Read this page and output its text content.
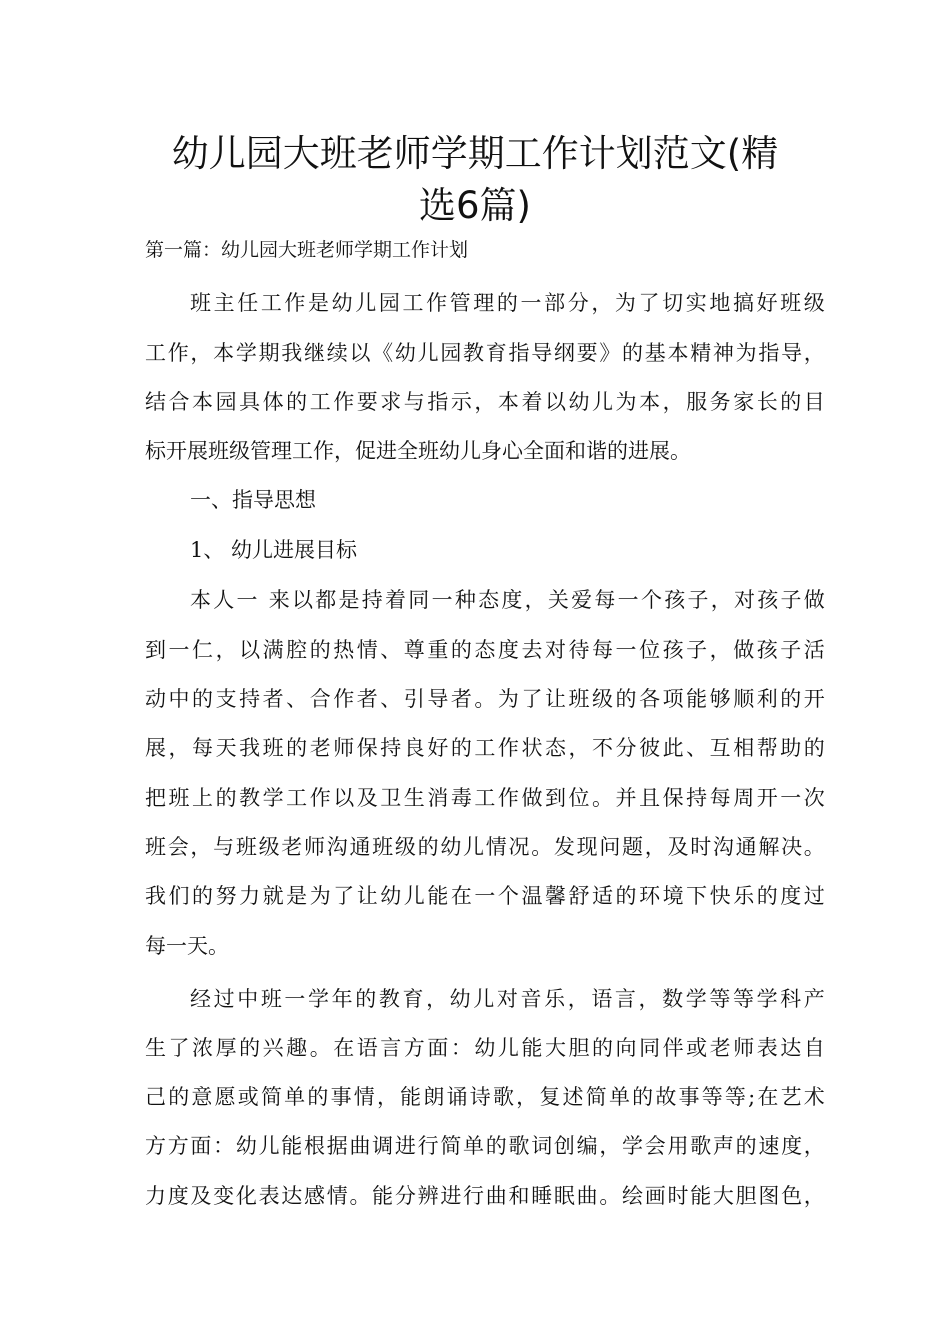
幼儿园大班老师学期工作计划范文(精
选6篇)

第一篇：幼儿园大班老师学期工作计划

班主任工作是幼儿园工作管理的一部分，为了切实地搞好班级

工作，本学期我继续以《幼儿园教育指导纲要》的基本精神为指导，

结合本园具体的工作要求与指示，本着以幼儿为本，服务家长的目

标开展班级管理工作，促进全班幼儿身心全面和谐的进展。

一、指导思想

1、 幼儿进展目标

本人一 来以都是持着同一种态度，关爱每一个孩子，对孩子做

到一仁，以满腔的热情、尊重的态度去对待每一位孩子，做孩子活

动中的支持者、合作者、引导者。为了让班级的各项能够顺利的开

展，每天我班的老师保持良好的工作状态，不分彼此、互相帮助的

把班上的教学工作以及卫生消毒工作做到位。并且保持每周开一次

班会，与班级老师沟通班级的幼儿情况。发现问题，及时沟通解决。

我们的努力就是为了让幼儿能在一个温馨舒适的环境下快乐的度过

每一天。

经过中班一学年的教育，幼儿对音乐，语言，数学等等学科产

生了浓厚的兴趣。在语言方面：幼儿能大胆的向同伴或老师表达自

己的意愿或简单的事情，能朗诵诗歌，复述简单的故事等等;在艺术

方方面：幼儿能根据曲调进行简单的歌词创编，学会用歌声的速度，

力度及变化表达感情。能分辨进行曲和睡眠曲。绘画时能大胆图色，
